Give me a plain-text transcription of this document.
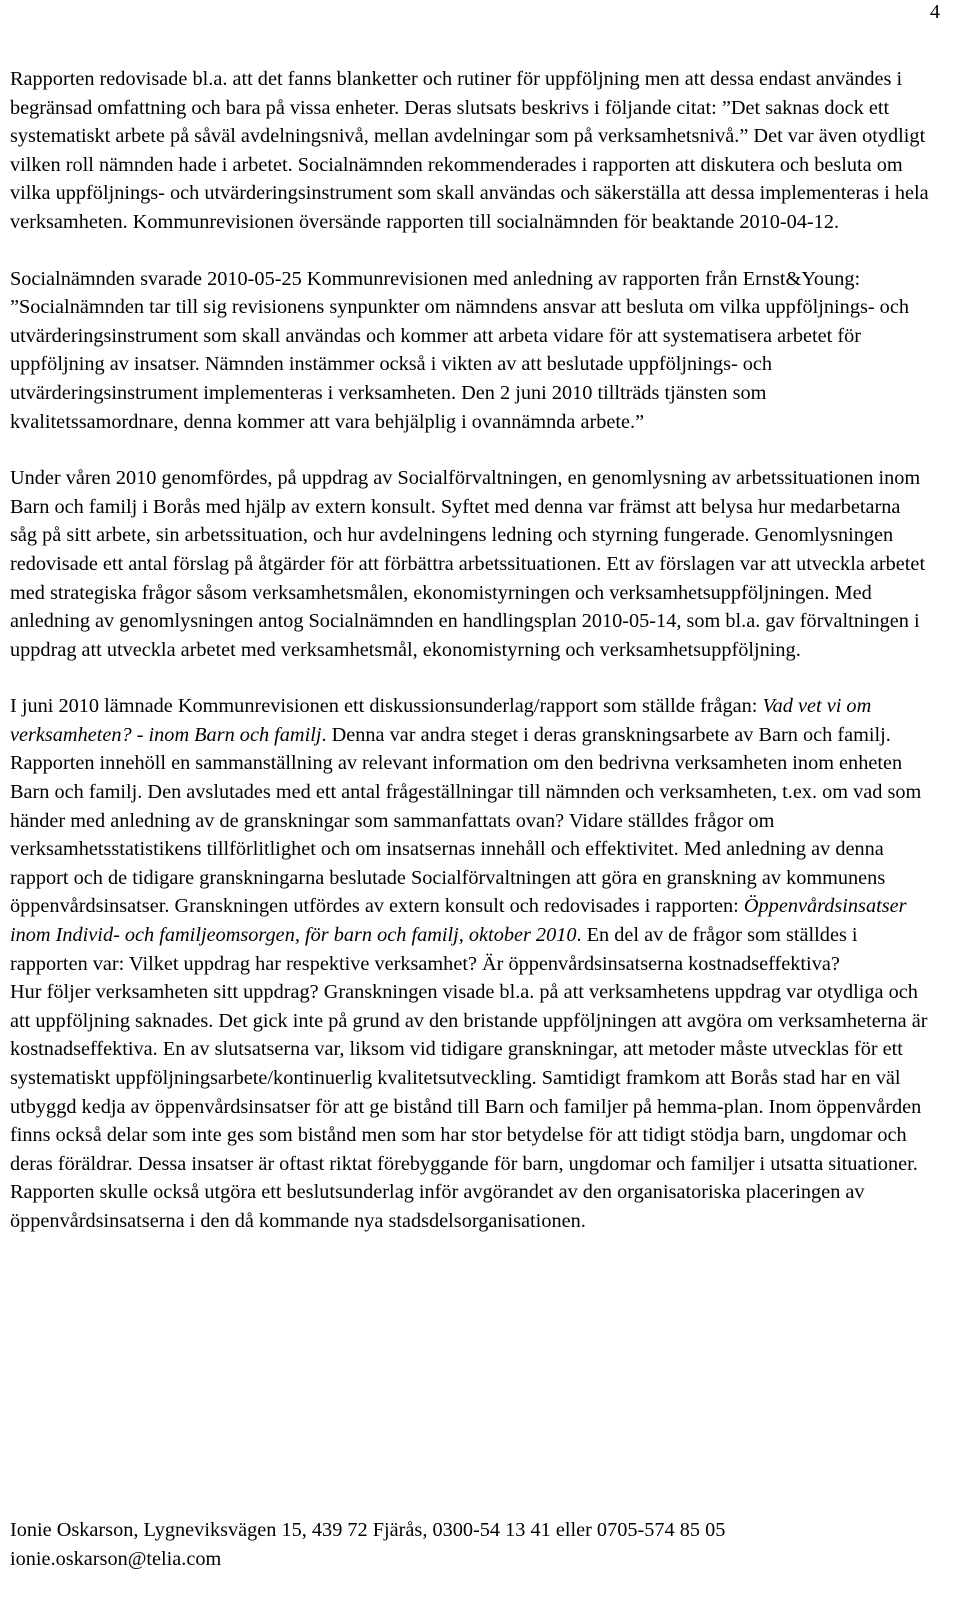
4

Rapporten redovisade bl.a. att det fanns blanketter och rutiner för uppföljning men att dessa endast användes i begränsad omfattning och bara på vissa enheter. Deras slutsats beskrivs i följande citat: ”Det saknas dock ett systematiskt arbete på såväl avdelningsnivå, mellan avdelningar som på verksamhetsnivå.” Det var även otydligt vilken roll nämnden hade i arbetet. Socialnämnden rekommenderades i rapporten att diskutera och besluta om vilka uppföljnings- och utvärderingsinstrument som skall användas och säkerställa att dessa implementeras i hela verksamheten. Kommunrevisionen översände rapporten till socialnämnden för beaktande 2010-04-12.

Socialnämnden svarade 2010-05-25 Kommunrevisionen med anledning av rapporten från Ernst&Young: ”Socialnämnden tar till sig revisionens synpunkter om nämndens ansvar att besluta om vilka uppföljnings- och utvärderingsinstrument som skall användas och kommer att arbeta vidare för att systematisera arbetet för uppföljning av insatser. Nämnden instämmer också i vikten av att beslutade uppföljnings- och utvärderingsinstrument implementeras i verksamheten. Den 2 juni 2010 tillträds tjänsten som kvalitetssamordnare, denna kommer att vara behjälplig i ovannämnda arbete.”

Under våren 2010 genomfördes, på uppdrag av Socialförvaltningen, en genomlysning av arbetssituationen inom Barn och familj i Borås med hjälp av extern konsult. Syftet med denna var främst att belysa hur medarbetarna såg på sitt arbete, sin arbetssituation, och hur avdelningens ledning och styrning fungerade. Genomlysningen redovisade ett antal förslag på åtgärder för att förbättra arbetssituationen. Ett av förslagen var att utveckla arbetet med strategiska frågor såsom verksamhetsmålen, ekonomistyrningen och verksamhetsuppföljningen. Med anledning av genomlysningen antog Socialnämnden en handlingsplan 2010-05-14, som bl.a. gav förvaltningen i uppdrag att utveckla arbetet med verksamhetsmål, ekonomistyrning och verksamhetsuppföljning.

I juni 2010 lämnade Kommunrevisionen ett diskussionsunderlag/rapport som ställde frågan: Vad vet vi om verksamheten? - inom Barn och familj. Denna var andra steget i deras granskningsarbete av Barn och familj. Rapporten innehöll en sammanställning av relevant information om den bedrivna verksamheten inom enheten Barn och familj. Den avslutades med ett antal frågeställningar till nämnden och verksamheten, t.ex. om vad som händer med anledning av de granskningar som sammanfattats ovan? Vidare ställdes frågor om verksamhetsstatistikens tillförlitlighet och om insatsernas innehåll och effektivitet. Med anledning av denna rapport och de tidigare granskningarna beslutade Socialförvaltningen att göra en granskning av kommunens öppenvårdsinsatser. Granskningen utfördes av extern konsult och redovisades i rapporten: Öppenvårdsinsatser inom Individ- och familjeomsorgen, för barn och familj, oktober 2010. En del av de frågor som ställdes i rapporten var: Vilket uppdrag har respektive verksamhet? Är öppenvårdsinsatserna kostnadseffektiva?

Hur följer verksamheten sitt uppdrag? Granskningen visade bl.a. på att verksamhetens uppdrag var otydliga och att uppföljning saknades. Det gick inte på grund av den bristande uppföljningen att avgöra om verksamheterna är kostnadseffektiva. En av slutsatserna var, liksom vid tidigare granskningar, att metoder måste utvecklas för ett systematiskt uppföljningsarbete/kontinuerlig kvalitetsutveckling. Samtidigt framkom att Borås stad har en väl utbyggd kedja av öppenvårdsinsatser för att ge bistånd till Barn och familjer på hemma-plan. Inom öppenvården finns också delar som inte ges som bistånd men som har stor betydelse för att tidigt stödja barn, ungdomar och deras föräldrar. Dessa insatser är oftast riktat förebyggande för barn, ungdomar och familjer i utsatta situationer. Rapporten skulle också utgöra ett beslutsunderlag inför avgörandet av den organisatoriska placeringen av öppenvårdsinsatserna i den då kommande nya stadsdelsorganisationen.

Ionie Oskarson, Lygneviksvägen 15, 439 72 Fjärås, 0300-54 13 41 eller 0705-574 85 05
ionie.oskarson@telia.com
